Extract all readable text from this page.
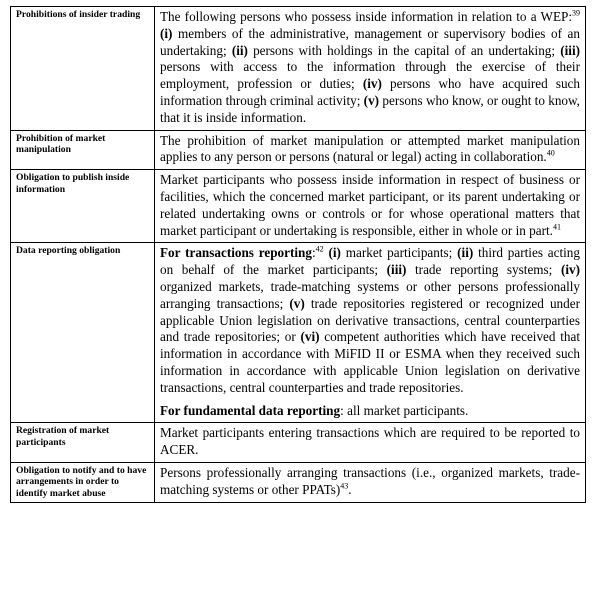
Prohibitions of insider trading	The following persons who possess inside information in relation to a WEP:$^{39}$ (i) members of the administrative, management or supervisory bodies of an undertaking; (ii) persons with holdings in the capital of an undertaking; (iii) persons with access to the information through the exercise of their employment, profession or duties; (iv) persons who have acquired such information through criminal activity; (v) persons who know, or ought to know, that it is inside information.
Prohibition of market manipulation	The prohibition of market manipulation or attempted market manipulation applies to any person or persons (natural or legal) acting in collaboration.$^{40}$
Obligation to publish inside information	Market participants who possess inside information in respect of business or facilities, which the concerned market participant, or its parent undertaking or related undertaking owns or controls or for whose operational matters that market participant or undertaking is responsible, either in whole or in part.$^{41}$
Data reporting obligation	For transactions reporting:$^{42}$ (i) market participants; (ii) third parties acting on behalf of the market participants; (iii) trade reporting systems; (iv) organized markets, trade-matching systems or other persons professionally arranging transactions; (v) trade repositories registered or recognized under applicable Union legislation on derivative transactions, central counterparties and trade repositories; or (vi) competent authorities which have received that information in accordance with MiFID II or ESMA when they received such information in accordance with applicable Union legislation on derivative transactions, central counterparties and trade repositories.
For fundamental data reporting: all market participants.

Registration of market participants	Market participants entering transactions which are required to be reported to ACER.
Obligation to notify and to have arrangements in order to identify market abuse	Persons professionally arranging transactions (i.e., organized markets, trade-matching systems or other PPATs)$^{43}$.
